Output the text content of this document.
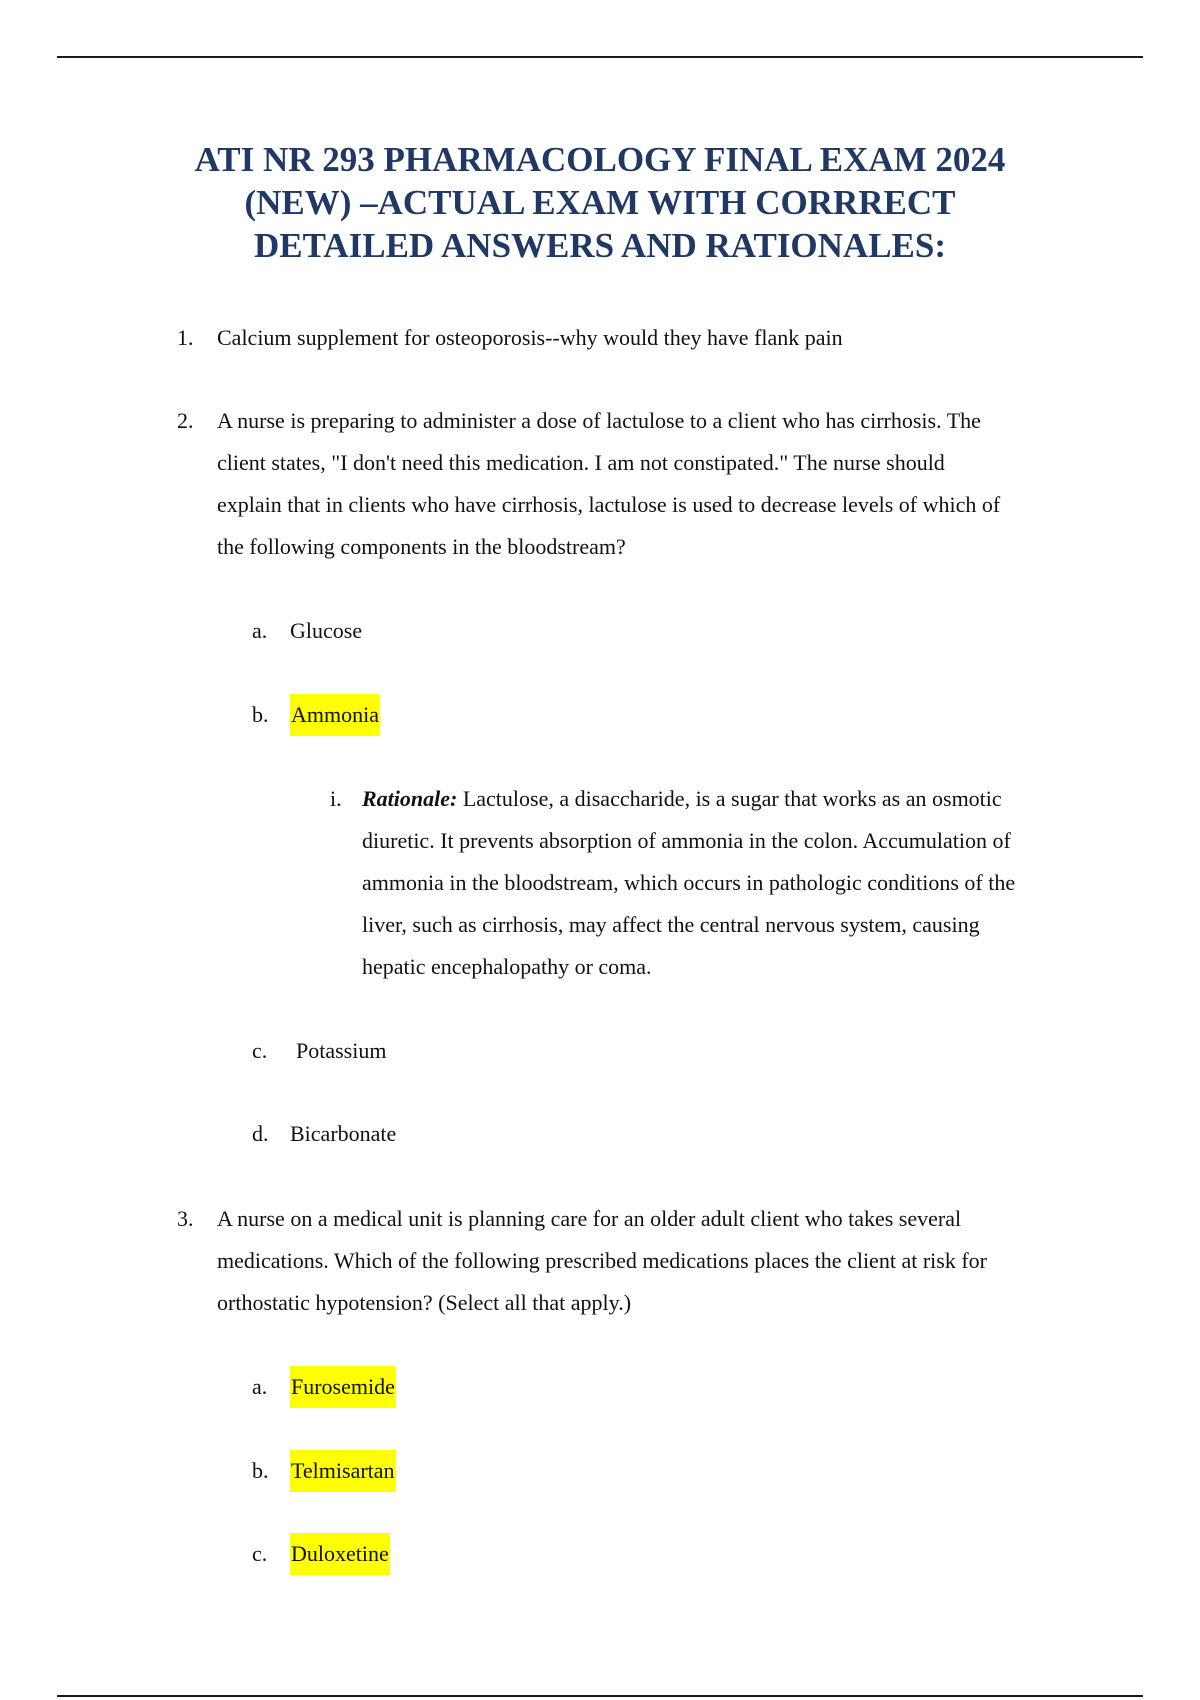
ATI NR 293 PHARMACOLOGY FINAL EXAM 2024
(NEW) –ACTUAL EXAM WITH CORRRECT
DETAILED ANSWERS AND RATIONALES:
1. Calcium supplement for osteoporosis--why would they have flank pain
2. A nurse is preparing to administer a dose of lactulose to a client who has cirrhosis. The
client states, "I don't need this medication. I am not constipated." The nurse should
explain that in clients who have cirrhosis, lactulose is used to decrease levels of which of
the following components in the bloodstream?
a. Glucose
b. Ammonia
i. Rationale: Lactulose, a disaccharide, is a sugar that works as an osmotic
diuretic. It prevents absorption of ammonia in the colon. Accumulation of
ammonia in the bloodstream, which occurs in pathologic conditions of the
liver, such as cirrhosis, may affect the central nervous system, causing
hepatic encephalopathy or coma.
c. Potassium
d. Bicarbonate
3. A nurse on a medical unit is planning care for an older adult client who takes several
medications. Which of the following prescribed medications places the client at risk for
orthostatic hypotension? (Select all that apply.)
a. Furosemide
b. Telmisartan
c. Duloxetine
